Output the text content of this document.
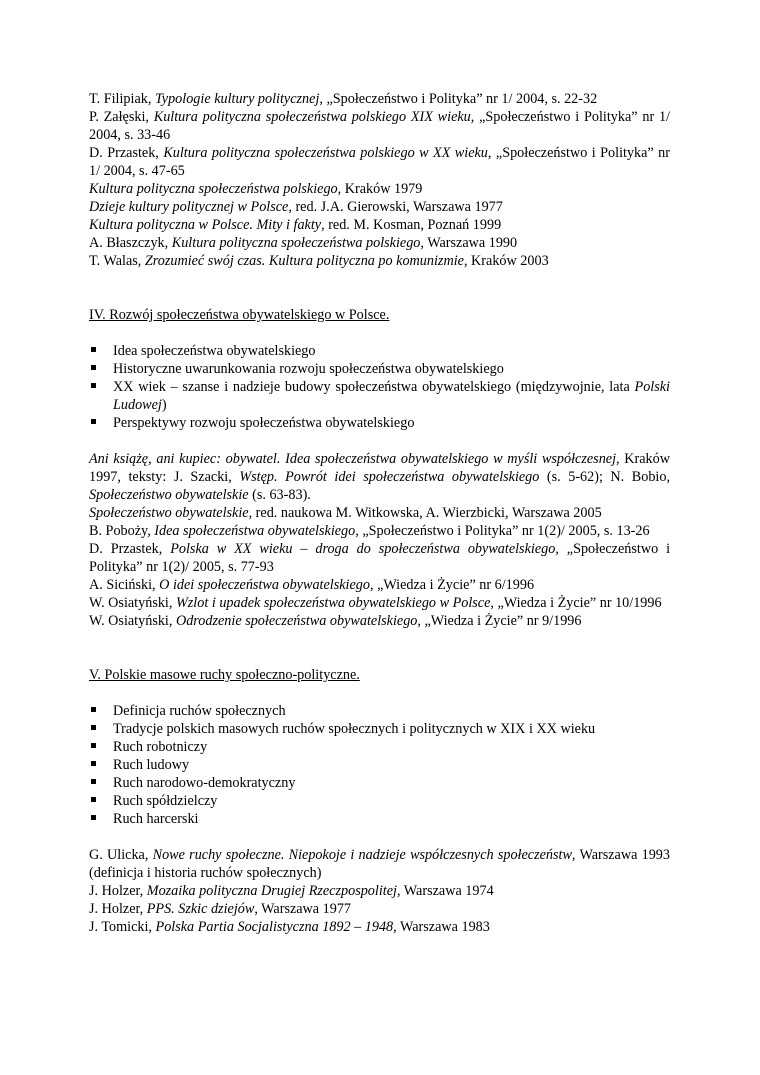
T. Filipiak, Typologie kultury politycznej, „Społeczeństwo i Polityka” nr 1/ 2004, s. 22-32

P. Załęski, Kultura polityczna społeczeństwa polskiego XIX wieku, „Społeczeństwo i Polityka” nr 1/ 2004, s. 33-46

D. Przastek, Kultura polityczna społeczeństwa polskiego w XX wieku, „Społeczeństwo i Polityka” nr 1/ 2004, s. 47-65

Kultura polityczna społeczeństwa polskiego, Kraków 1979

Dzieje kultury politycznej w Polsce, red. J.A. Gierowski, Warszawa 1977

Kultura polityczna w Polsce. Mity i fakty, red. M. Kosman, Poznań 1999

A. Błaszczyk, Kultura polityczna społeczeństwa polskiego, Warszawa 1990

T. Walas, Zrozumieć swój czas. Kultura polityczna po komunizmie, Kraków 2003

IV. Rozwój społeczeństwa obywatelskiego w Polsce.

Idea społeczeństwa obywatelskiego
Historyczne uwarunkowania rozwoju społeczeństwa obywatelskiego
XX wiek – szanse i nadzieje budowy społeczeństwa obywatelskiego (międzywojnie, lata Polski Ludowej)
Perspektywy rozwoju społeczeństwa obywatelskiego

Ani książę, ani kupiec: obywatel. Idea społeczeństwa obywatelskiego w myśli współczesnej, Kraków 1997, teksty: J. Szacki, Wstęp. Powrót idei społeczeństwa obywatelskiego (s. 5-62); N. Bobio, Społeczeństwo obywatelskie (s. 63-83).

Społeczeństwo obywatelskie, red. naukowa M. Witkowska, A. Wierzbicki, Warszawa 2005

B. Poboży, Idea społeczeństwa obywatelskiego, „Społeczeństwo i Polityka” nr 1(2)/ 2005, s. 13-26

D. Przastek, Polska w XX wieku – droga do społeczeństwa obywatelskiego, „Społeczeństwo i Polityka” nr 1(2)/ 2005, s. 77-93

A. Siciński, O idei społeczeństwa obywatelskiego, „Wiedza i Życie” nr 6/1996

W. Osiatyński, Wzlot i upadek społeczeństwa obywatelskiego w Polsce, „Wiedza i Życie” nr 10/1996

W. Osiatyński, Odrodzenie społeczeństwa obywatelskiego, „Wiedza i Życie” nr 9/1996

V. Polskie masowe ruchy społeczno-polityczne.

Definicja ruchów społecznych
Tradycje polskich masowych ruchów społecznych i politycznych w XIX i XX wieku
Ruch robotniczy
Ruch ludowy
Ruch narodowo-demokratyczny
Ruch spółdzielczy
Ruch harcerski

G. Ulicka, Nowe ruchy społeczne. Niepokoje i nadzieje współczesnych społeczeństw, Warszawa 1993 (definicja i historia ruchów społecznych)

J. Holzer, Mozaika polityczna Drugiej Rzeczpospolitej, Warszawa 1974

J. Holzer, PPS. Szkic dziejów, Warszawa 1977

J. Tomicki, Polska Partia Socjalistyczna 1892 – 1948, Warszawa 1983
